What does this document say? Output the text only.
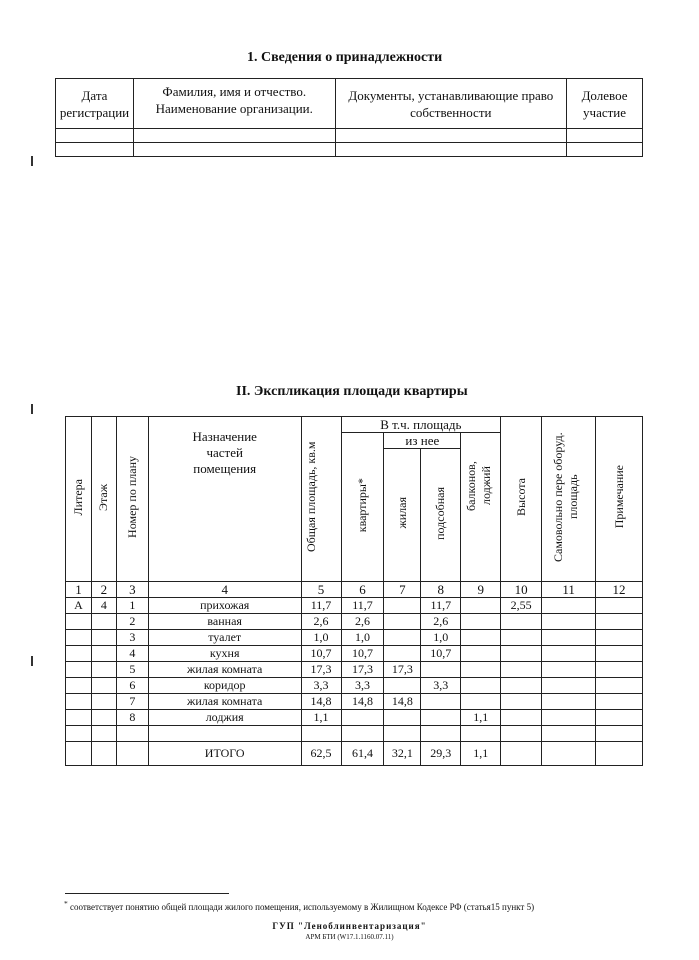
1. Сведения о принадлежности
Дата регистрации	Фамилия, имя и отчество. Наименование организации.	Документы, устанавливающие право собственности	Долевое участие

II. Экспликация площади квартиры
Литера	Этаж	Номер по плану	Назначение частей помещения	Общая площадь, кв.м	В т.ч. площадь				Высота	Самовольно пере оборуд. площадь	Примечание
					квартиры*	из нее		балконов, лоджий			
						жилая	подсобная				
1	2	3	4	5	6	7	8	9	10	11	12
А	4	1	прихожая	11,7	11,7		11,7		2,55		
		2	ванная	2,6	2,6		2,6				
		3	туалет	1,0	1,0		1,0				
		4	кухня	10,7	10,7		10,7				
		5	жилая комната	17,3	17,3	17,3					
		6	коридор	3,3	3,3		3,3				
		7	жилая комната	14,8	14,8	14,8					
		8	лоджия	1,1				1,1			

			ИТОГО	62,5	61,4	32,1	29,3	1,1			
* соответствует понятию общей площади жилого помещения, используемому в Жилищном Кодексе РФ (статья15 пункт 5)
ГУП "Леноблинвентаризация"
АРМ БТИ (W17.1.1160.07.11)
